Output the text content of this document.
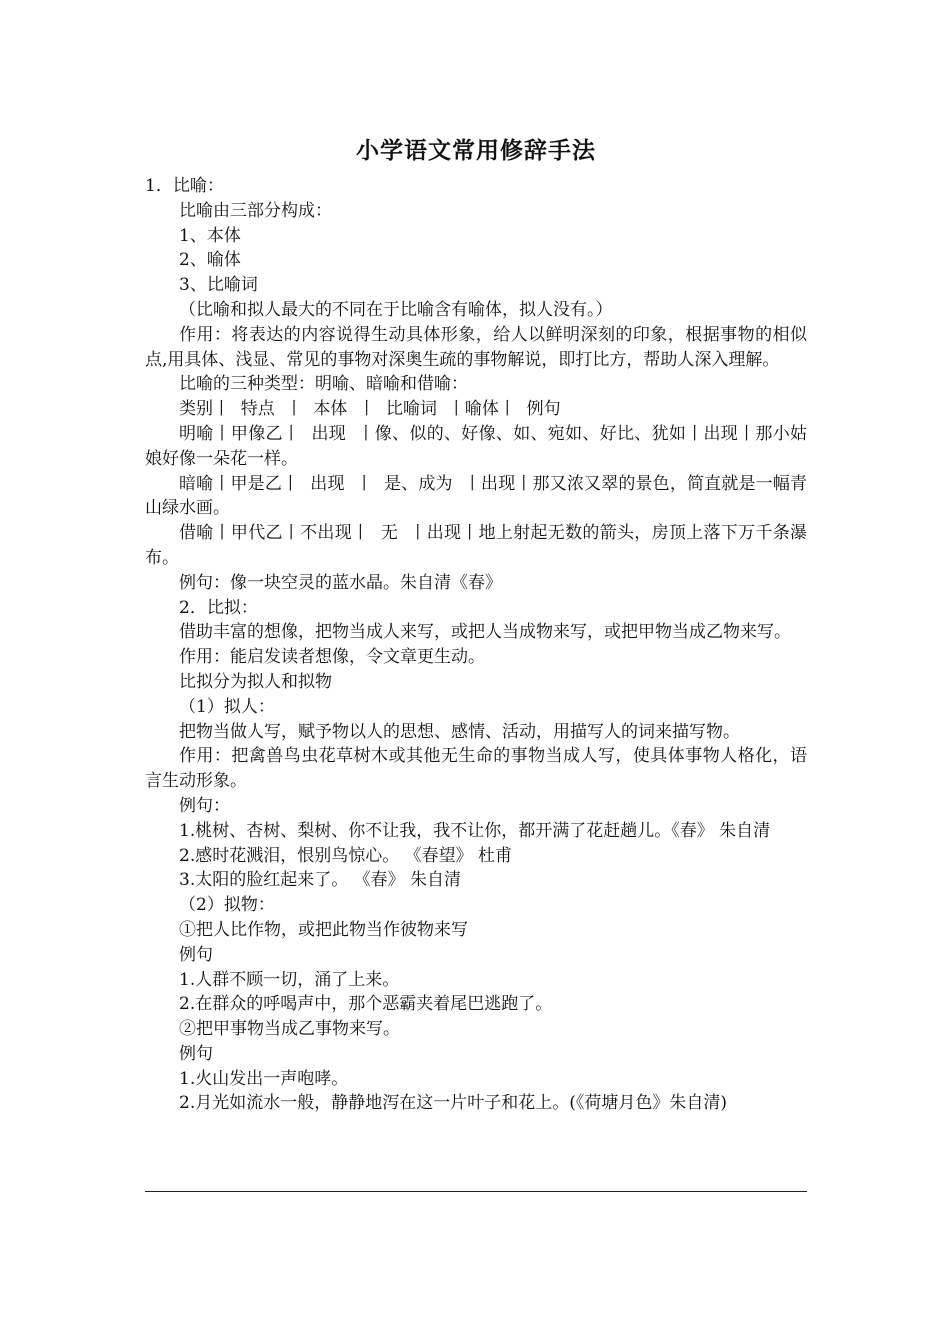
小学语文常用修辞手法

1．比喻：

比喻由三部分构成：

1、本体

2、喻体

3、比喻词

（比喻和拟人最大的不同在于比喻含有喻体，拟人没有。）

作用：将表达的内容说得生动具体形象，给人以鲜明深刻的印象，根据事物的相似点,用具体、浅显、常见的事物对深奥生疏的事物解说，即打比方，帮助人深入理解。

比喻的三种类型：明喻、暗喻和借喻：

类别丨  特点  丨  本体  丨  比喻词  丨喻体丨  例句

明喻丨甲像乙丨  出现  丨像、似的、好像、如、宛如、好比、犹如丨出现丨那小姑娘好像一朵花一样。

暗喻丨甲是乙丨  出现  丨  是、成为  丨出现丨那又浓又翠的景色，简直就是一幅青山绿水画。

借喻丨甲代乙丨不出现丨  无  丨出现丨地上射起无数的箭头，房顶上落下万千条瀑布。

例句：像一块空灵的蓝水晶。朱自清《春》

2．比拟：

借助丰富的想像，把物当成人来写，或把人当成物来写，或把甲物当成乙物来写。

作用：能启发读者想像，令文章更生动。

比拟分为拟人和拟物

（1）拟人：

把物当做人写，赋予物以人的思想、感情、活动，用描写人的词来描写物。

作用：把禽兽鸟虫花草树木或其他无生命的事物当成人写，使具体事物人格化，语言生动形象。

例句：

1.桃树、杏树、梨树、你不让我，我不让你，都开满了花赶趟儿。《春》 朱自清

2.感时花溅泪，恨别鸟惊心。 《春望》 杜甫

3.太阳的脸红起来了。 《春》 朱自清

（2）拟物：

①把人比作物，或把此物当作彼物来写

例句

1.人群不顾一切，涌了上来。

2.在群众的呼喝声中，那个恶霸夹着尾巴逃跑了。

②把甲事物当成乙事物来写。

例句

1.火山发出一声咆哮。

2.月光如流水一般，静静地泻在这一片叶子和花上。(《荷塘月色》朱自清)
